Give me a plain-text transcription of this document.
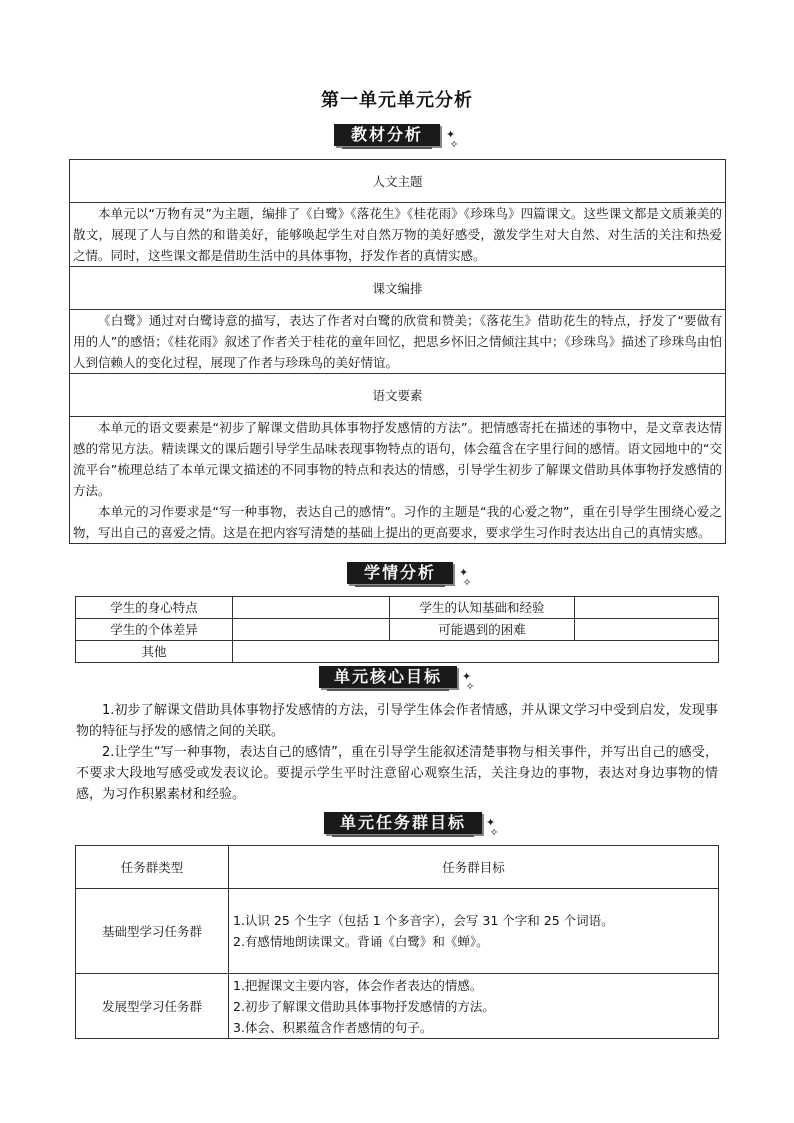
第一单元单元分析
教材分析	✦
✧
人文主题
本单元以“万物有灵”为主题，编排了《白鹭》《落花生》《桂花雨》《珍珠鸟》四篇课文。这些课文都是文质兼美的散文，展现了人与自然的和谐美好，能够唤起学生对自然万物的美好感受，激发学生对大自然、对生活的关注和热爱之情。同时，这些课文都是借助生活中的具体事物，抒发作者的真情实感。
课文编排
《白鹭》通过对白鹭诗意的描写，表达了作者对白鹭的欣赏和赞美；《落花生》借助花生的特点，抒发了“要做有用的人”的感悟；《桂花雨》叙述了作者关于桂花的童年回忆，把思乡怀旧之情倾注其中；《珍珠鸟》描述了珍珠鸟由怕人到信赖人的变化过程，展现了作者与珍珠鸟的美好情谊。
语文要素

本单元的语文要素是“初步了解课文借助具体事物抒发感情的方法”。把情感寄托在描述的事物中，是文章表达情感的常见方法。精读课文的课后题引导学生品味表现事物特点的语句，体会蕴含在字里行间的感情。语文园地中的“交流平台”梳理总结了本单元课文描述的不同事物的特点和表达的情感，引导学生初步了解课文借助具体事物抒发感情的方法。
本单元的习作要求是“写一种事物，表达自己的感情”。习作的主题是“我的心爱之物”，重在引导学生围绕心爱之物，写出自己的喜爱之情。这是在把内容写清楚的基础上提出的更高要求，要求学生习作时表达出自己的真情实感。
学情分析	✦
✧
学生的身心特点		学生的认知基础和经验	
学生的个体差异		可能遇到的困难	
其他			
单元核心目标	✦
✧

1.初步了解课文借助具体事物抒发感情的方法，引导学生体会作者情感，并从课文学习中受到启发，发现事物的特征与抒发的感情之间的关联。

2.让学生“写一种事物，表达自己的感情”，重在引导学生能叙述清楚事物与相关事件，并写出自己的感受，不要求大段地写感受或发表议论。要提示学生平时注意留心观察生活，关注身边的事物，表达对身边事物的情感，为习作积累素材和经验。

单元任务群目标	✦
✧
任务群类型	任务群目标
基础型学习任务群	1.认识 25 个生字（包括 1 个多音字），会写 31 个字和 25 个词语。
2.有感情地朗读课文。背诵《白鹭》和《蝉》。

发展型学习任务群	1.把握课文主要内容，体会作者表达的情感。
2.初步了解课文借助具体事物抒发感情的方法。
3.体会、积累蕴含作者感情的句子。
